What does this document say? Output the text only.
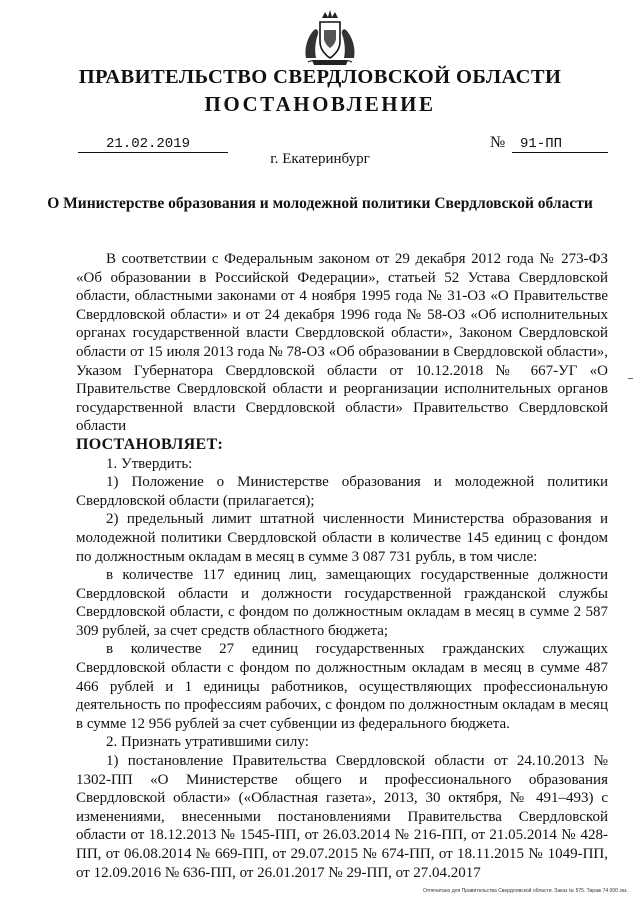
ПРАВИТЕЛЬСТВО СВЕРДЛОВСКОЙ ОБЛАСТИ
ПОСТАНОВЛЕНИЕ
21.02.2019	№	91-ПП
г. Екатеринбург
О Министерстве образования и молодежной политики Свердловской области

В соответствии с Федеральным законом от 29 декабря 2012 года № 273-ФЗ «Об образовании в Российской Федерации», статьей 52 Устава Свердловской области, областными законами от 4 ноября 1995 года № 31-ОЗ «О Правительстве Свердловской области» и от 24 декабря 1996 года № 58-ОЗ «Об исполнительных органах государственной власти Свердловской области», Законом Свердловской области от 15 июля 2013 года № 78-ОЗ «Об образовании в Свердловской области», Указом Губернатора Свердловской области от 10.12.2018 № 667-УГ «О Правительстве Свердловской области и реорганизации исполнительных органов государственной власти Свердловской области» Правительство Свердловской области

ПОСТАНОВЛЯЕТ:

1. Утвердить:

1) Положение о Министерстве образования и молодежной политики Свердловской области (прилагается);

2) предельный лимит штатной численности Министерства образования и молодежной политики Свердловской области в количестве 145 единиц с фондом по должностным окладам в месяц в сумме 3 087 731 рубль, в том числе:

в количестве 117 единиц лиц, замещающих государственные должности Свердловской области и должности государственной гражданской службы Свердловской области, с фондом по должностным окладам в месяц в сумме 2 587 309 рублей, за счет средств областного бюджета;

в количестве 27 единиц государственных гражданских служащих Свердловской области с фондом по должностным окладам в месяц в сумме 487 466 рублей и 1 единицы работников, осуществляющих профессиональную деятельность по профессиям рабочих, с фондом по должностным окладам в месяц в сумме 12 956 рублей за счет субвенции из федерального бюджета.

2. Признать утратившими силу:

1) постановление Правительства Свердловской области от 24.10.2013 № 1302-ПП «О Министерстве общего и профессионального образования Свердловской области» («Областная газета», 2013, 30 октября, № 491–493) с изменениями, внесенными постановлениями Правительства Свердловской области от 18.12.2013 № 1545-ПП, от 26.03.2014 № 216-ПП, от 21.05.2014 № 428-ПП, от 06.08.2014 № 669-ПП, от 29.07.2015 № 674-ПП, от 18.11.2015 № 1049-ПП, от 12.09.2016 № 636-ПП, от 26.01.2017 № 29-ПП, от 27.04.2017

Отпечатано для Правительства Свердловской области. Заказ № 575. Тираж 74 000 экз.
